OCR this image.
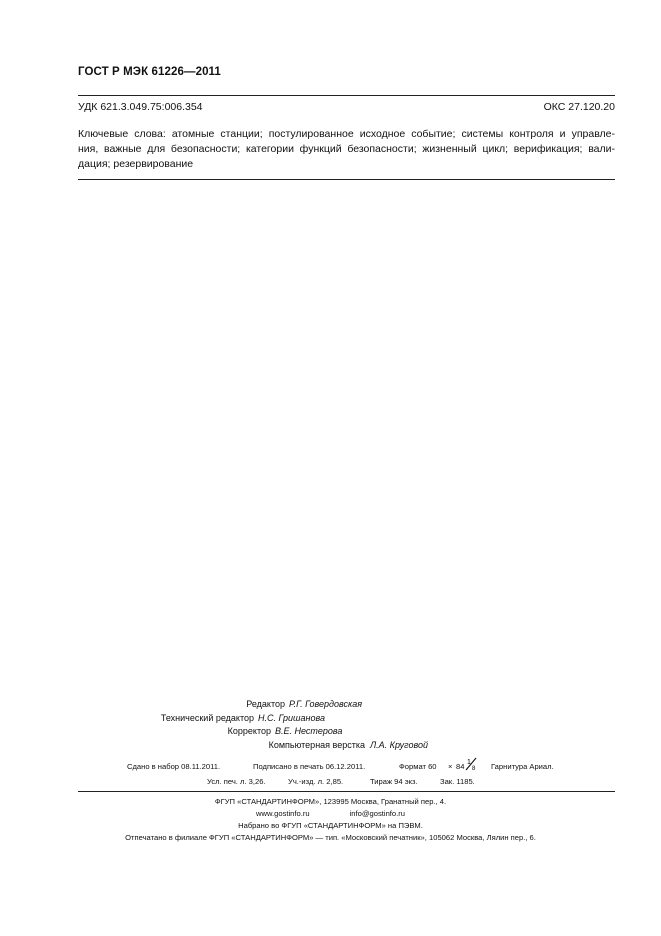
ГОСТ Р МЭК 61226—2011
УДК 621.3.049.75:006.354	ОКС 27.120.20
Ключевые слова: атомные станции; постулированное исходное событие; системы контроля и управле-
ния, важные для безопасности; категории функций безопасности; жизненный цикл; верификация; вали-
дация; резервирование
Редактор Р.Г. Говердовская
Технический редактор Н.С. Гришанова
Корректор В.Е. Нестерова
Компьютерная верстка Л.А. Круговой
Сдано в набор 08.11.2011.	Подписано в печать 06.12.2011.	Формат 60 × 84 1
8 Гарнитура Ариал.
Усл. печ. л. 3,26.	Уч.-изд. л. 2,85.	Тираж 94 экз.	Зак. 1185.
ФГУП «СТАНДАРТИНФОРМ», 123995 Москва, Гранатный пер., 4.
www.gostinfo.ru	info@gostinfo.ru
Набрано во ФГУП «СТАНДАРТИНФОРМ» на ПЭВМ.
Отпечатано в филиале ФГУП «СТАНДАРТИНФОРМ» — тип. «Московский печатник», 105062 Москва, Лялин пер., 6.
